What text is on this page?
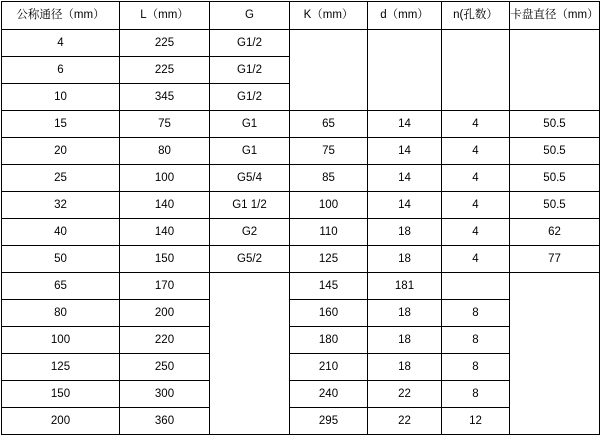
公称通径（mm）	L（mm）	G	K（mm）	d（mm）	n(孔数）	卡盘直径（mm）
4	225	G1/2				
6	225	G1/2				
10	345	G1/2				
15	75	G1	65	14	4	50.5
20	80	G1	75	14	4	50.5
25	100	G5/4	85	14	4	50.5
32	140	G1 1/2	100	14	4	50.5
40	140	G2	110	18	4	62
50	150	G5/2	125	18	4	77
65	170		145	181		
80	200		160	18	8	
100	220		180	18	8	
125	250		210	18	8	
150	300		240	22	8	
200	360		295	22	12	
